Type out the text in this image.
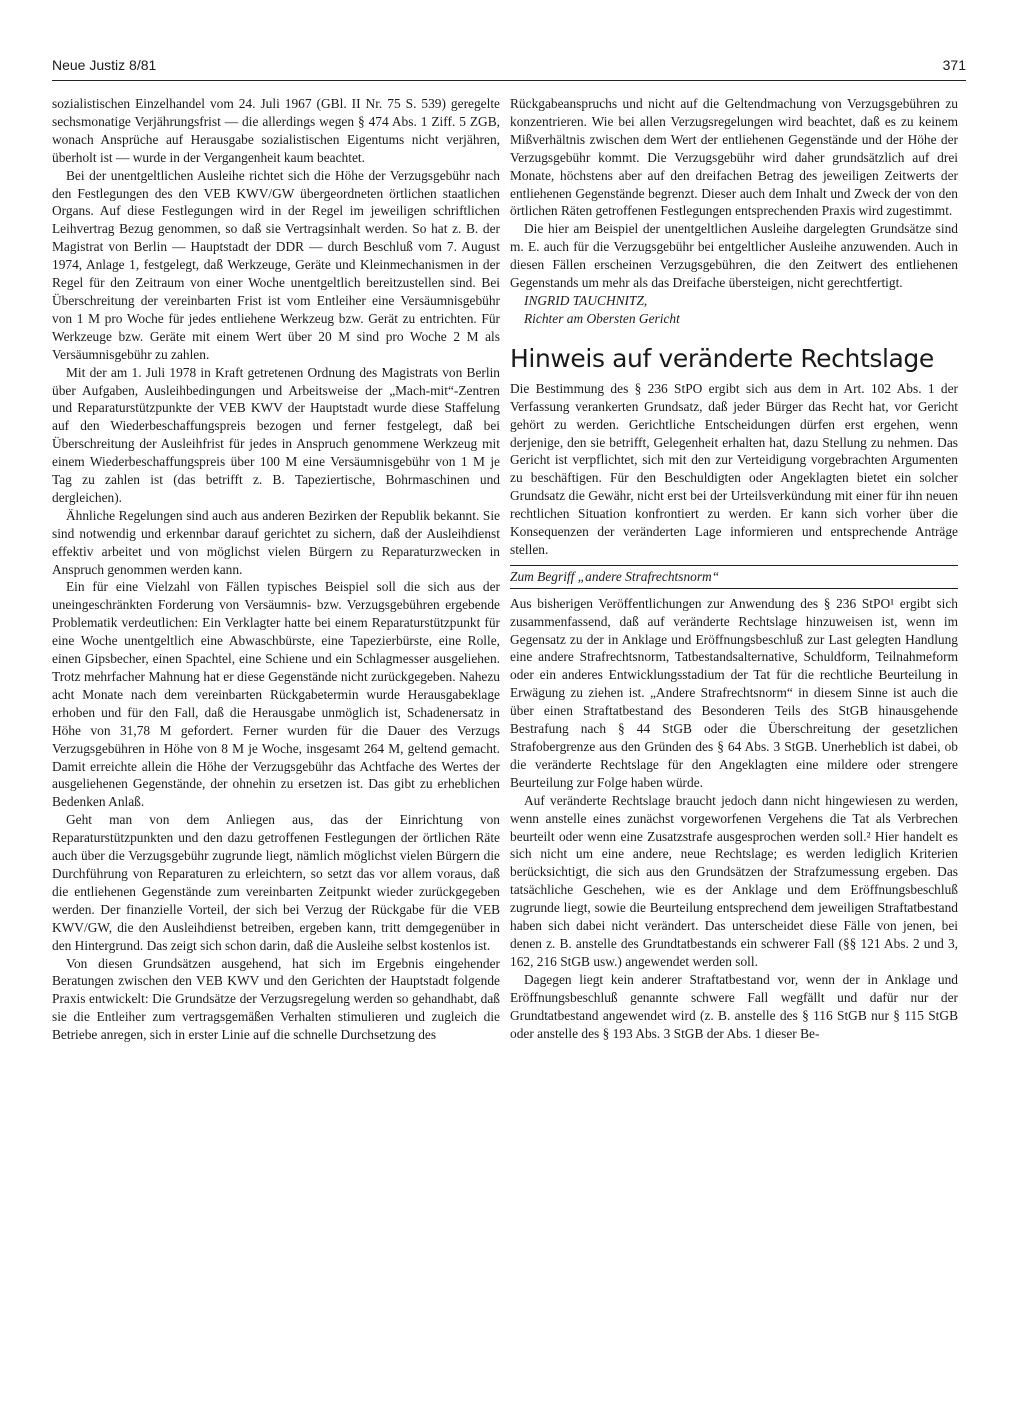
Neue Justiz 8/81	371

sozialistischen Einzelhandel vom 24. Juli 1967 (GBl. II Nr. 75 S. 539) geregelte sechsmonatige Verjährungsfrist — die allerdings wegen § 474 Abs. 1 Ziff. 5 ZGB, wonach Ansprüche auf Herausgabe sozialistischen Eigentums nicht verjähren, überholt ist — wurde in der Vergangenheit kaum beachtet.

Bei der unentgeltlichen Ausleihe richtet sich die Höhe der Verzugsgebühr nach den Festlegungen des den VEB KWV/GW übergeordneten örtlichen staatlichen Organs. Auf diese Festlegungen wird in der Regel im jeweiligen schriftlichen Leihvertrag Bezug genommen, so daß sie Vertragsinhalt werden. So hat z. B. der Magistrat von Berlin — Hauptstadt der DDR — durch Beschluß vom 7. August 1974, Anlage 1, festgelegt, daß Werkzeuge, Geräte und Kleinmechanismen in der Regel für den Zeitraum von einer Woche unentgeltlich bereitzustellen sind. Bei Überschreitung der vereinbarten Frist ist vom Entleiher eine Versäumnisgebühr von 1 M pro Woche für jedes entliehene Werkzeug bzw. Gerät zu entrichten. Für Werkzeuge bzw. Geräte mit einem Wert über 20 M sind pro Woche 2 M als Versäumnisgebühr zu zahlen.

Mit der am 1. Juli 1978 in Kraft getretenen Ordnung des Magistrats von Berlin über Aufgaben, Ausleihbedingungen und Arbeitsweise der „Mach-mit“-Zentren und Reparaturstützpunkte der VEB KWV der Hauptstadt wurde diese Staffelung auf den Wiederbeschaffungspreis bezogen und ferner festgelegt, daß bei Überschreitung der Ausleihfrist für jedes in Anspruch genommene Werkzeug mit einem Wiederbeschaffungspreis über 100 M eine Versäumnisgebühr von 1 M je Tag zu zahlen ist (das betrifft z. B. Tapeziertische, Bohrmaschinen und dergleichen).

Ähnliche Regelungen sind auch aus anderen Bezirken der Republik bekannt. Sie sind notwendig und erkennbar darauf gerichtet zu sichern, daß der Ausleihdienst effektiv arbeitet und von möglichst vielen Bürgern zu Reparaturzwecken in Anspruch genommen werden kann.

Ein für eine Vielzahl von Fällen typisches Beispiel soll die sich aus der uneingeschränkten Forderung von Versäumnis- bzw. Verzugsgebühren ergebende Problematik verdeutlichen: Ein Verklagter hatte bei einem Reparaturstützpunkt für eine Woche unentgeltlich eine Abwaschbürste, eine Tapezierbürste, eine Rolle, einen Gipsbecher, einen Spachtel, eine Schiene und ein Schlagmesser ausgeliehen. Trotz mehrfacher Mahnung hat er diese Gegenstände nicht zurückgegeben. Nahezu acht Monate nach dem vereinbarten Rückgabetermin wurde Herausgabeklage erhoben und für den Fall, daß die Herausgabe unmöglich ist, Schadenersatz in Höhe von 31,78 M gefordert. Ferner wurden für die Dauer des Verzugs Verzugsgebühren in Höhe von 8 M je Woche, insgesamt 264 M, geltend gemacht. Damit erreichte allein die Höhe der Verzugsgebühr das Achtfache des Wertes der ausgeliehenen Gegenstände, der ohnehin zu ersetzen ist. Das gibt zu erheblichen Bedenken Anlaß.

Geht man von dem Anliegen aus, das der Einrichtung von Reparaturstützpunkten und den dazu getroffenen Festlegungen der örtlichen Räte auch über die Verzugsgebühr zugrunde liegt, nämlich möglichst vielen Bürgern die Durchführung von Reparaturen zu erleichtern, so setzt das vor allem voraus, daß die entliehenen Gegenstände zum vereinbarten Zeitpunkt wieder zurückgegeben werden. Der finanzielle Vorteil, der sich bei Verzug der Rückgabe für die VEB KWV/GW, die den Ausleihdienst betreiben, ergeben kann, tritt demgegenüber in den Hintergrund. Das zeigt sich schon darin, daß die Ausleihe selbst kostenlos ist.

Von diesen Grundsätzen ausgehend, hat sich im Ergebnis eingehender Beratungen zwischen den VEB KWV und den Gerichten der Hauptstadt folgende Praxis entwickelt: Die Grundsätze der Verzugsregelung werden so gehandhabt, daß sie die Entleiher zum vertragsgemäßen Verhalten stimulieren und zugleich die Betriebe anregen, sich in erster Linie auf die schnelle Durchsetzung des

Rückgabeanspruchs und nicht auf die Geltendmachung von Verzugsgebühren zu konzentrieren. Wie bei allen Verzugsregelungen wird beachtet, daß es zu keinem Mißverhältnis zwischen dem Wert der entliehenen Gegenstände und der Höhe der Verzugsgebühr kommt. Die Verzugsgebühr wird daher grundsätzlich auf drei Monate, höchstens aber auf den dreifachen Betrag des jeweiligen Zeitwerts der entliehenen Gegenstände begrenzt. Dieser auch dem Inhalt und Zweck der von den örtlichen Räten getroffenen Festlegungen entsprechenden Praxis wird zugestimmt.

Die hier am Beispiel der unentgeltlichen Ausleihe dargelegten Grundsätze sind m. E. auch für die Verzugsgebühr bei entgeltlicher Ausleihe anzuwenden. Auch in diesen Fällen erscheinen Verzugsgebühren, die den Zeitwert des entliehenen Gegenstands um mehr als das Dreifache übersteigen, nicht gerechtfertigt.

INGRID TAUCHNITZ,

Richter am Obersten Gericht

Hinweis auf veränderte Rechtslage

Die Bestimmung des § 236 StPO ergibt sich aus dem in Art. 102 Abs. 1 der Verfassung verankerten Grundsatz, daß jeder Bürger das Recht hat, vor Gericht gehört zu werden. Gerichtliche Entscheidungen dürfen erst ergehen, wenn derjenige, den sie betrifft, Gelegenheit erhalten hat, dazu Stellung zu nehmen. Das Gericht ist verpflichtet, sich mit den zur Verteidigung vorgebrachten Argumenten zu beschäftigen. Für den Beschuldigten oder Angeklagten bietet ein solcher Grundsatz die Gewähr, nicht erst bei der Urteilsverkündung mit einer für ihn neuen rechtlichen Situation konfrontiert zu werden. Er kann sich vorher über die Konsequenzen der veränderten Lage informieren und entsprechende Anträge stellen.

Zum Begriff „andere Strafrechtsnorm“

Aus bisherigen Veröffentlichungen zur Anwendung des § 236 StPO¹ ergibt sich zusammenfassend, daß auf veränderte Rechtslage hinzuweisen ist, wenn im Gegensatz zu der in Anklage und Eröffnungsbeschluß zur Last gelegten Handlung eine andere Strafrechtsnorm, Tatbestandsalternative, Schuldform, Teilnahmeform oder ein anderes Entwicklungsstadium der Tat für die rechtliche Beurteilung in Erwägung zu ziehen ist. „Andere Strafrechtsnorm“ in diesem Sinne ist auch die über einen Straftatbestand des Besonderen Teils des StGB hinausgehende Bestrafung nach § 44 StGB oder die Überschreitung der gesetzlichen Strafobergrenze aus den Gründen des § 64 Abs. 3 StGB. Unerheblich ist dabei, ob die veränderte Rechtslage für den Angeklagten eine mildere oder strengere Beurteilung zur Folge haben würde.

Auf veränderte Rechtslage braucht jedoch dann nicht hingewiesen zu werden, wenn anstelle eines zunächst vorgeworfenen Vergehens die Tat als Verbrechen beurteilt oder wenn eine Zusatzstrafe ausgesprochen werden soll.² Hier handelt es sich nicht um eine andere, neue Rechtslage; es werden lediglich Kriterien berücksichtigt, die sich aus den Grundsätzen der Strafzumessung ergeben. Das tatsächliche Geschehen, wie es der Anklage und dem Eröffnungsbeschluß zugrunde liegt, sowie die Beurteilung entsprechend dem jeweiligen Straftatbestand haben sich dabei nicht verändert. Das unterscheidet diese Fälle von jenen, bei denen z. B. anstelle des Grundtatbestands ein schwerer Fall (§§ 121 Abs. 2 und 3, 162, 216 StGB usw.) angewendet werden soll.

Dagegen liegt kein anderer Straftatbestand vor, wenn der in Anklage und Eröffnungsbeschluß genannte schwere Fall wegfällt und dafür nur der Grundtatbestand angewendet wird (z. B. anstelle des § 116 StGB nur § 115 StGB oder anstelle des § 193 Abs. 3 StGB der Abs. 1 dieser Be-
